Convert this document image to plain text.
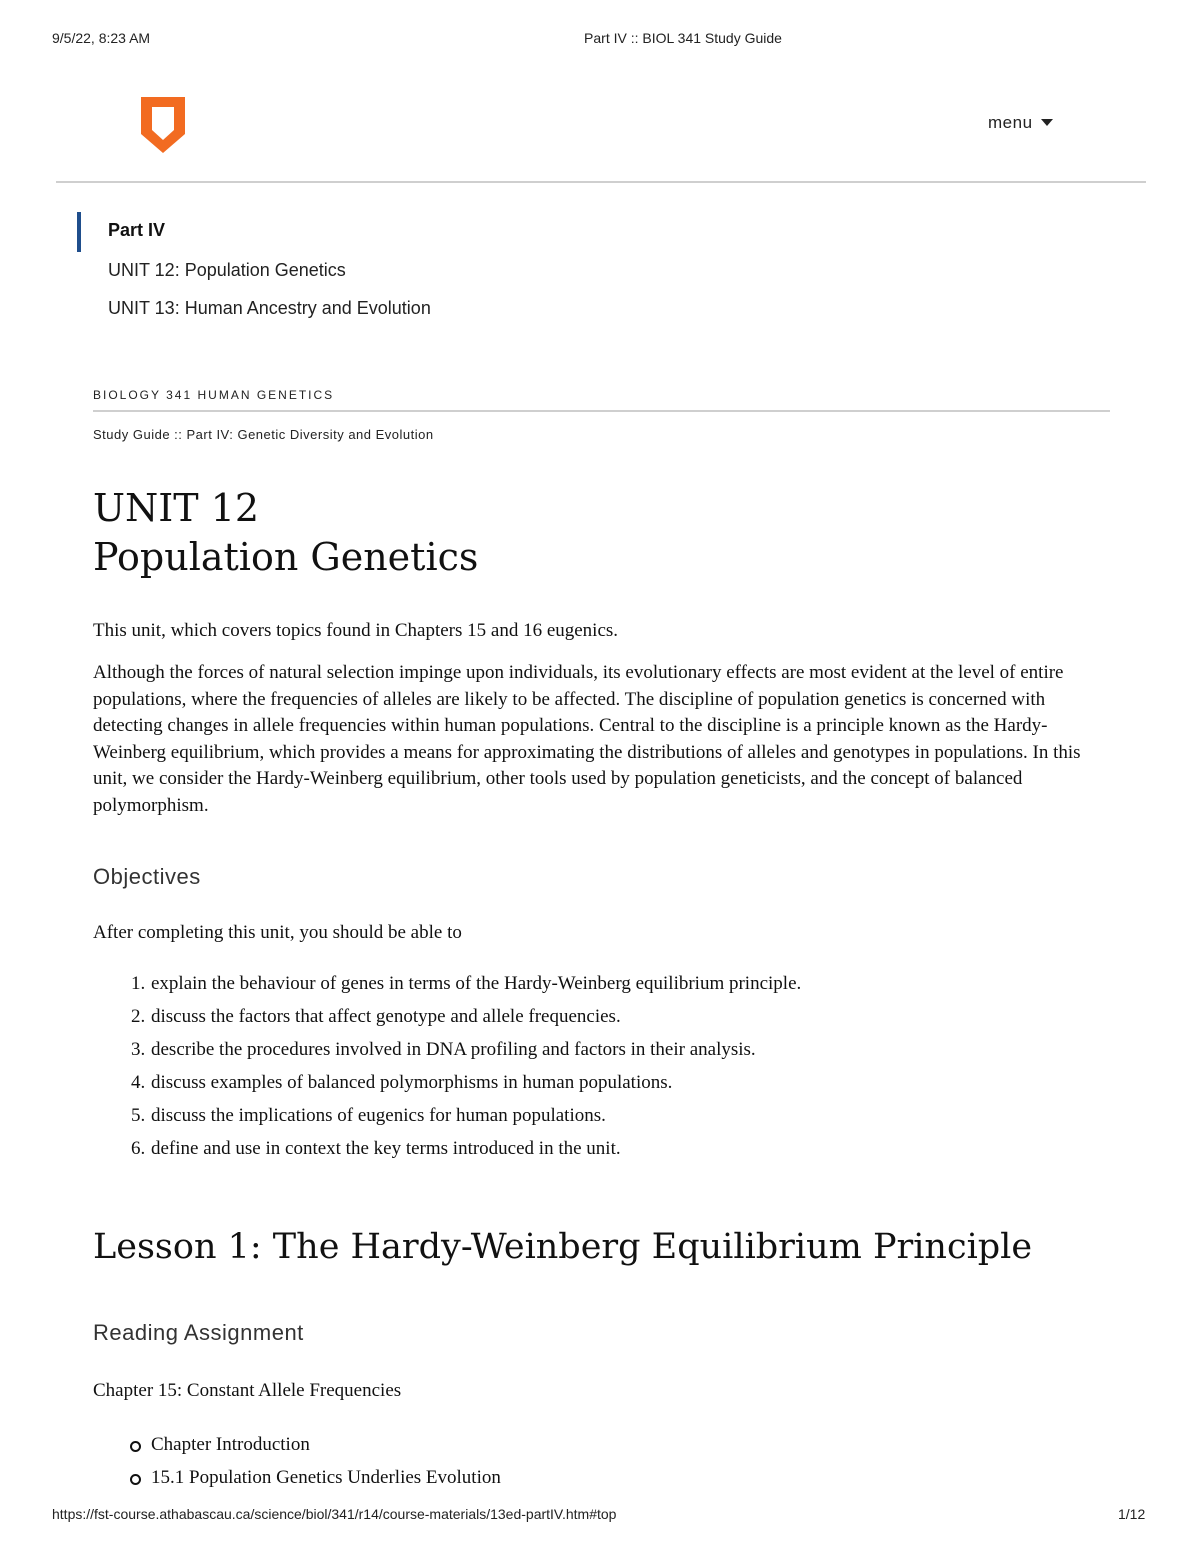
9/5/22, 8:23 AM	Part IV :: BIOL 341 Study Guide
menu
Part IV
UNIT 12: Population Genetics
UNIT 13: Human Ancestry and Evolution
BIOLOGY 341 HUMAN GENETICS
Study Guide :: Part IV: Genetic Diversity and Evolution
UNIT 12
Population Genetics
This unit, which covers topics found in Chapters 15 and 16 eugenics.
Although the forces of natural selection impinge upon individuals, its evolutionary effects are most evident at the level of entire populations, where the frequencies of alleles are likely to be affected. The discipline of population genetics is concerned with detecting changes in allele frequencies within human populations. Central to the discipline is a principle known as the Hardy-Weinberg equilibrium, which provides a means for approximating the distributions of alleles and genotypes in populations. In this unit, we consider the Hardy-Weinberg equilibrium, other tools used by population geneticists, and the concept of balanced polymorphism.
Objectives
After completing this unit, you should be able to
1. explain the behaviour of genes in terms of the Hardy-Weinberg equilibrium principle.
2. discuss the factors that affect genotype and allele frequencies.
3. describe the procedures involved in DNA profiling and factors in their analysis.
4. discuss examples of balanced polymorphisms in human populations.
5. discuss the implications of eugenics for human populations.
6. define and use in context the key terms introduced in the unit.
Lesson 1: The Hardy-Weinberg Equilibrium Principle
Reading Assignment
Chapter 15: Constant Allele Frequencies
Chapter Introduction
15.1 Population Genetics Underlies Evolution
https://fst-course.athabascau.ca/science/biol/341/r14/course-materials/13ed-partIV.htm#top	1/12
